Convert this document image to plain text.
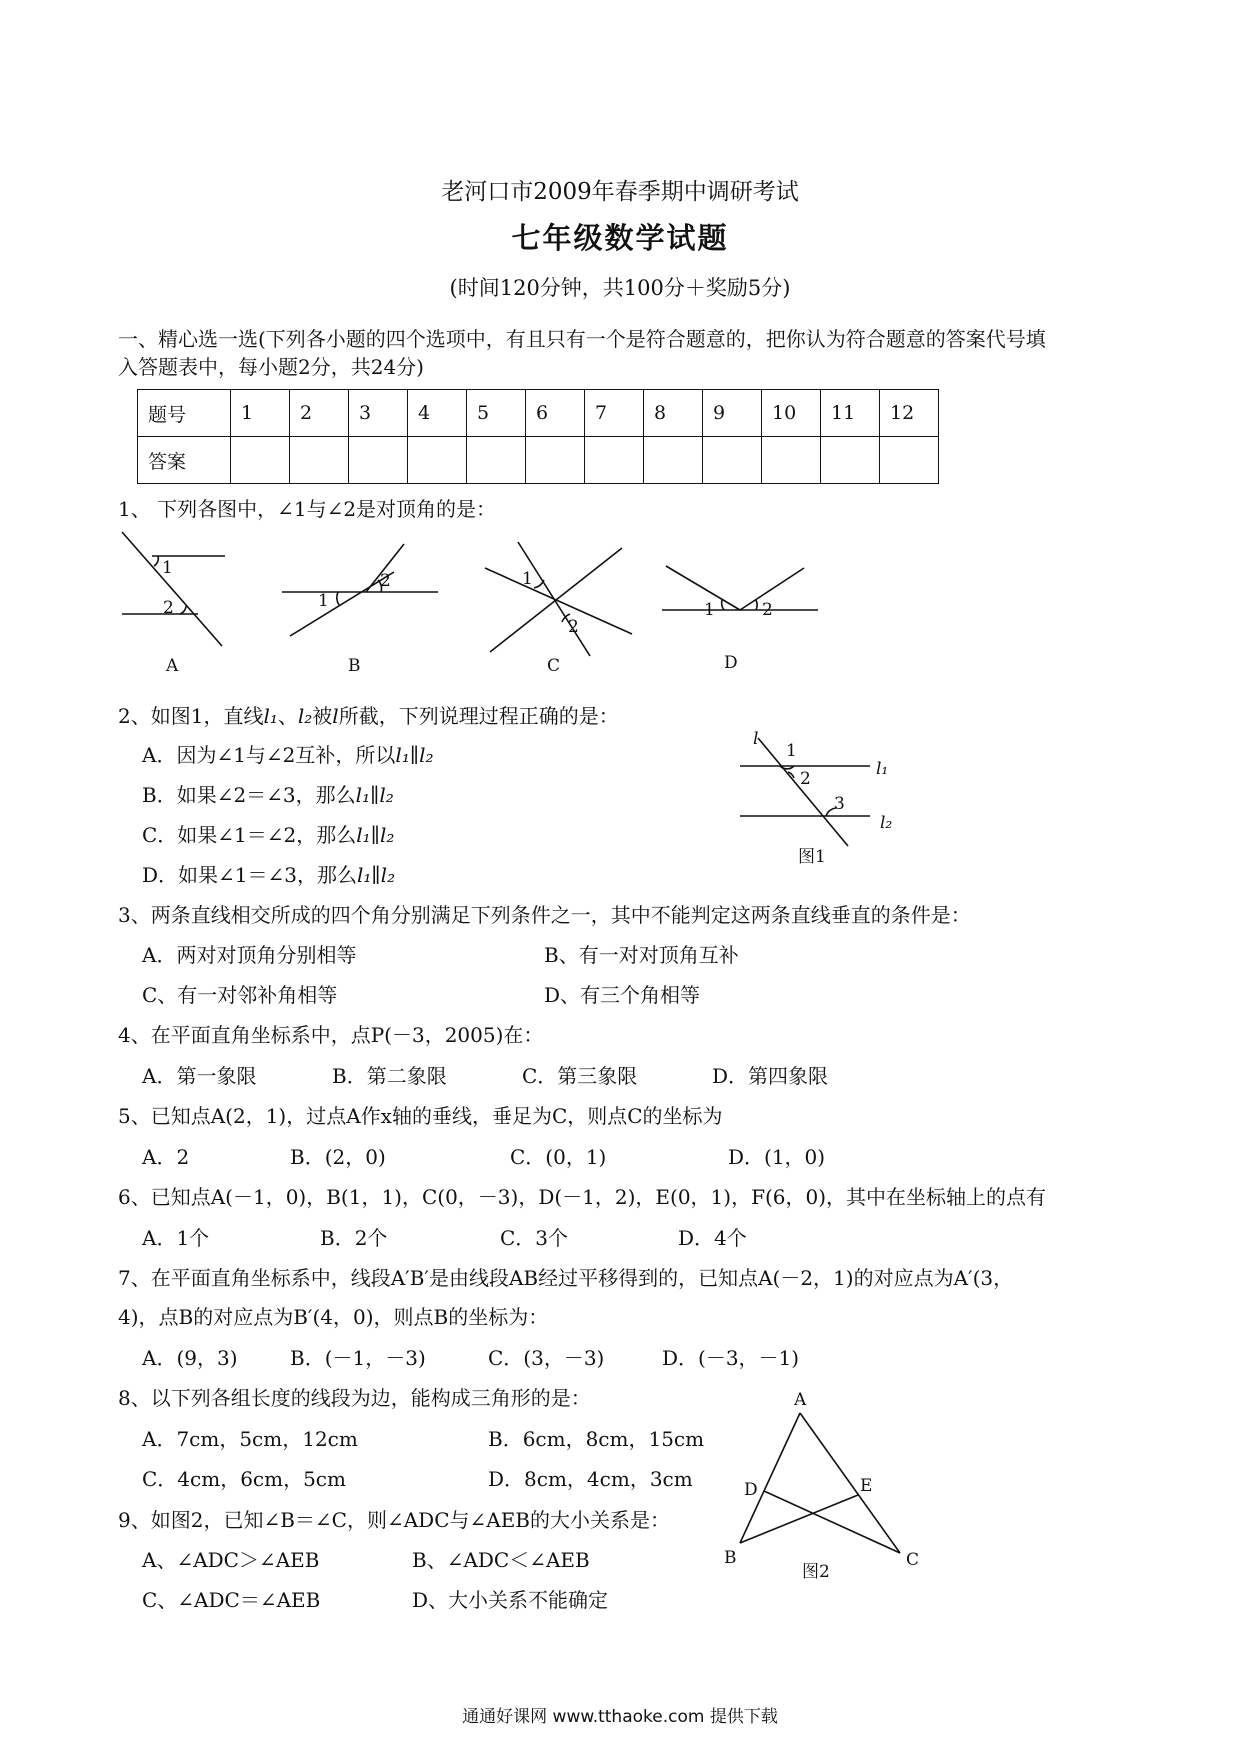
老河口市2009年春季期中调研考试
七年级数学试题
(时间120分钟，共100分＋奖励5分)
一、精心选一选(下列各小题的四个选项中，有且只有一个是符合题意的，把你认为符合题意的答案代号填
入答题表中，每小题2分，共24分)
题号	1	2	3	4	5	6	7	8	9	10	11	12
答案												
1、 下列各图中，∠1与∠2是对顶角的是：
1
2
A
1
2
B
1
2
C
1	2
D
2、如图1，直线l₁、l₂被l所截，下列说理过程正确的是：
A．因为∠1与∠2互补，所以l₁∥l₂
B．如果∠2＝∠3，那么l₁∥l₂
C．如果∠1＝∠2，那么l₁∥l₂
D．如果∠1＝∠3，那么l₁∥l₂
l
1
2
3
l₁
l₂
图1
3、两条直线相交所成的四个角分别满足下列条件之一，其中不能判定这两条直线垂直的条件是：
A．两对对顶角分别相等	B、有一对对顶角互补
C、有一对邻补角相等	D、有三个角相等
4、在平面直角坐标系中，点P(－3，2005)在：
A．第一象限	B．第二象限	C．第三象限	D．第四象限
5、已知点A(2，1)，过点A作x轴的垂线，垂足为C，则点C的坐标为
A．2	B．(2，0)	C．(0，1)	D．(1，0)
6、已知点A(－1，0)，B(1，1)，C(0，－3)，D(－1，2)，E(0，1)，F(6，0)，其中在坐标轴上的点有
A．1个	B．2个	C．3个	D．4个
7、在平面直角坐标系中，线段A′B′是由线段AB经过平移得到的，已知点A(－2，1)的对应点为A′(3，
4)，点B的对应点为B′(4，0)，则点B的坐标为：
A．(9，3)	B．(－1，－3)	C．(3，－3)	D．(－3，－1)
8、以下列各组长度的线段为边，能构成三角形的是：
A．7cm，5cm，12cm	B．6cm，8cm，15cm
C．4cm，6cm，5cm	D．8cm，4cm，3cm
9、如图2，已知∠B＝∠C，则∠ADC与∠AEB的大小关系是：
A、∠ADC＞∠AEB	B、∠ADC＜∠AEB
C、∠ADC＝∠AEB	D、大小关系不能确定
A
B	C
D	E
图2
通通好课网 www.tthaoke.com 提供下载
